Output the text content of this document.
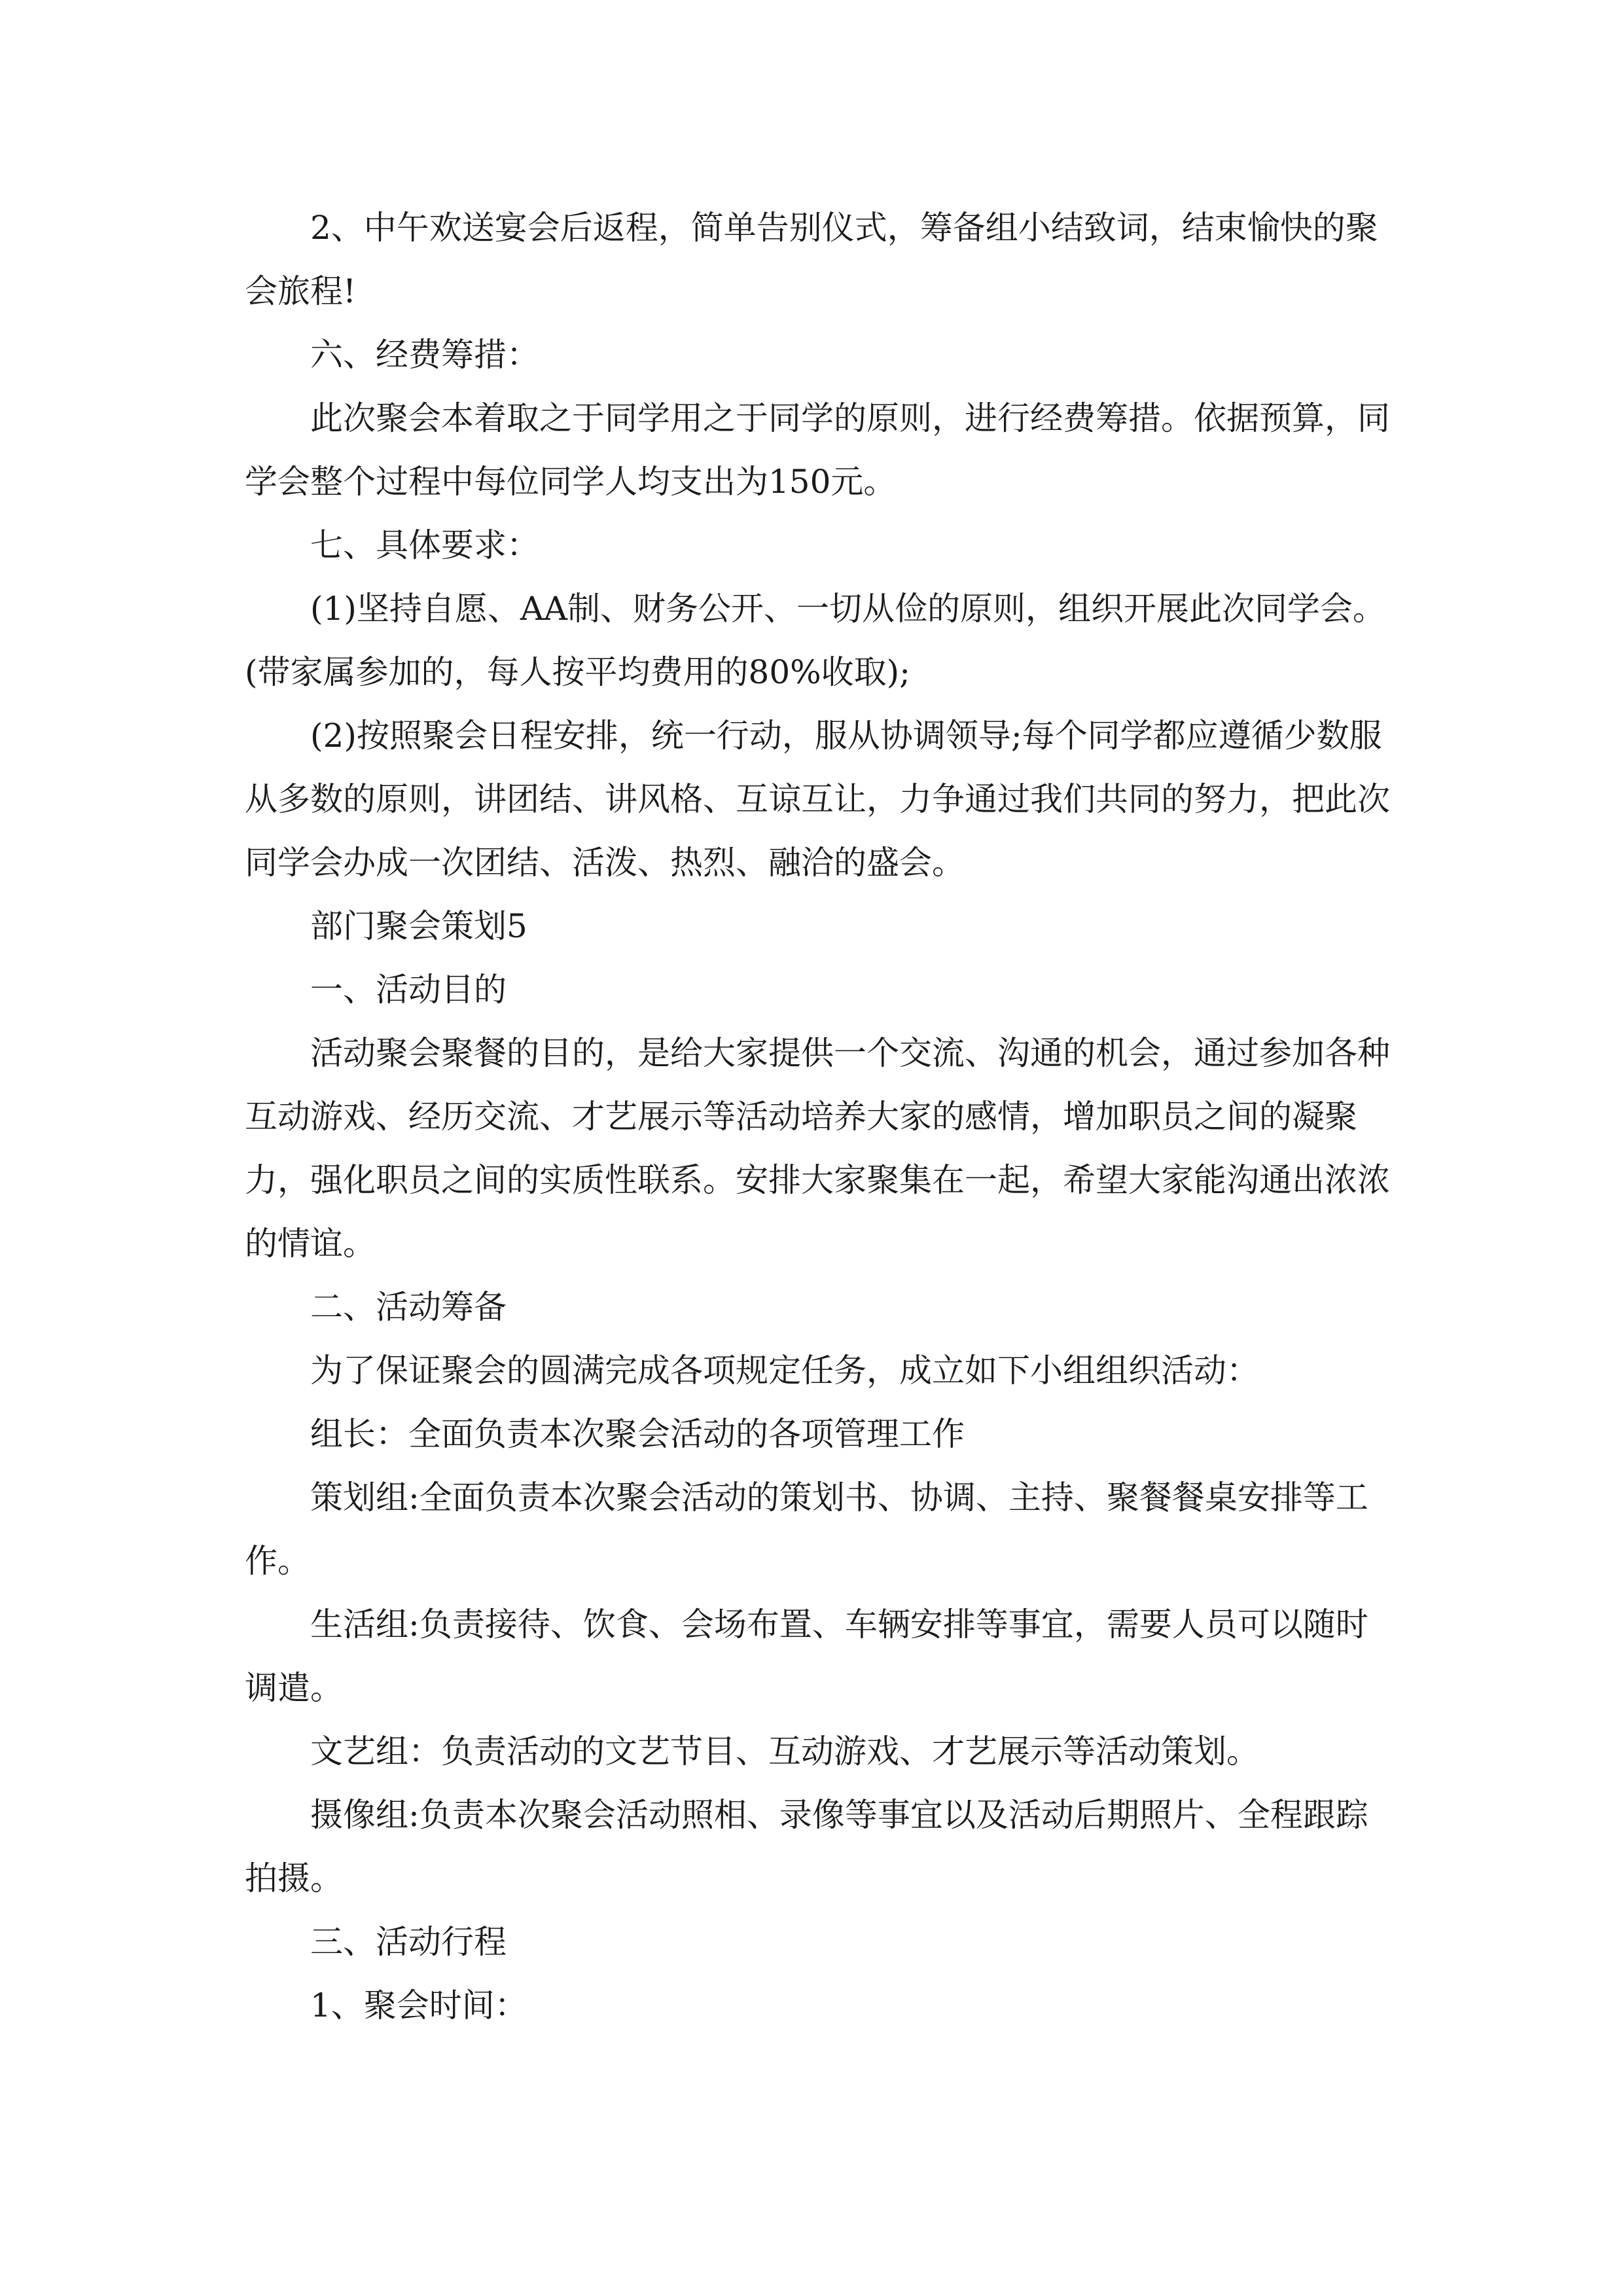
2、中午欢送宴会后返程，简单告别仪式，筹备组小结致词，结束愉快的聚会旅程!

六、经费筹措：

此次聚会本着取之于同学用之于同学的原则，进行经费筹措。依据预算，同学会整个过程中每位同学人均支出为150元。

七、具体要求：

(1)坚持自愿、AA制、财务公开、一切从俭的原则，组织开展此次同学会。(带家属参加的，每人按平均费用的80%收取);

(2)按照聚会日程安排，统一行动，服从协调领导;每个同学都应遵循少数服从多数的原则，讲团结、讲风格、互谅互让，力争通过我们共同的努力，把此次同学会办成一次团结、活泼、热烈、融洽的盛会。

部门聚会策划5

一、活动目的

活动聚会聚餐的目的，是给大家提供一个交流、沟通的机会，通过参加各种互动游戏、经历交流、才艺展示等活动培养大家的感情，增加职员之间的凝聚力，强化职员之间的实质性联系。安排大家聚集在一起，希望大家能沟通出浓浓的情谊。

二、活动筹备

为了保证聚会的圆满完成各项规定任务，成立如下小组组织活动：

组长：全面负责本次聚会活动的各项管理工作

策划组:全面负责本次聚会活动的策划书、协调、主持、聚餐餐桌安排等工作。

生活组:负责接待、饮食、会场布置、车辆安排等事宜，需要人员可以随时调遣。

文艺组：负责活动的文艺节目、互动游戏、才艺展示等活动策划。

摄像组:负责本次聚会活动照相、录像等事宜以及活动后期照片、全程跟踪拍摄。

三、活动行程

1、聚会时间：
